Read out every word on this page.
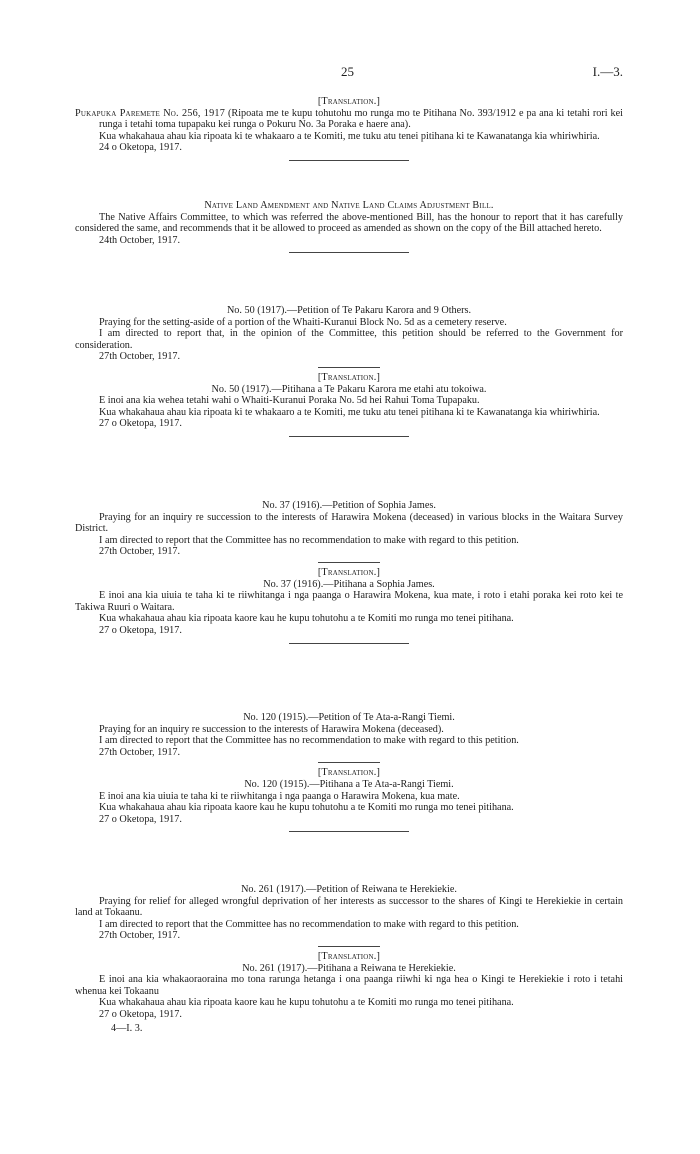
25	I.—3.
[Translation.]

Pukapuka Paremete No. 256, 1917 (Ripoata me te kupu tohutohu mo runga mo te Pitihana No. 393/1912 e pa ana ki tetahi rori kei runga i tetahi toma tupapaku kei runga o Pokuru No. 3a Poraka e haere ana).

Kua whakahaua ahau kia ripoata ki te whakaaro a te Komiti, me tuku atu tenei pitihana ki te Kawanatanga kia whiriwhiria.

24 o Oketopa, 1917.
Native Land Amendment and Native Land Claims Adjustment Bill.

The Native Affairs Committee, to which was referred the above-mentioned Bill, has the honour to report that it has carefully considered the same, and recommends that it be allowed to proceed as amended as shown on the copy of the Bill attached hereto.

24th October, 1917.
No. 50 (1917).—Petition of Te Pakaru Karora and 9 Others.

Praying for the setting-aside of a portion of the Whaiti-Kuranui Block No. 5d as a cemetery reserve.

I am directed to report that, in the opinion of the Committee, this petition should be referred to the Government for consideration.

27th October, 1917.
[Translation.]
No. 50 (1917).—Pitihana a Te Pakaru Karora me etahi atu tokoiwa.

E inoi ana kia wehea tetahi wahi o Whaiti-Kuranui Poraka No. 5d hei Rahui Toma Tupapaku.

Kua whakahaua ahau kia ripoata ki te whakaaro a te Komiti, me tuku atu tenei pitihana ki te Kawanatanga kia whiriwhiria.

27 o Oketopa, 1917.
No. 37 (1916).—Petition of Sophia James.

Praying for an inquiry re succession to the interests of Harawira Mokena (deceased) in various blocks in the Waitara Survey District.

I am directed to report that the Committee has no recommendation to make with regard to this petition.

27th October, 1917.
[Translation.]
No. 37 (1916).—Pitihana a Sophia James.

E inoi ana kia uiuia te taha ki te riiwhitanga i nga paanga o Harawira Mokena, kua mate, i roto i etahi poraka kei roto kei te Takiwa Ruuri o Waitara.

Kua whakahaua ahau kia ripoata kaore kau he kupu tohutohu a te Komiti mo runga mo tenei pitihana.

27 o Oketopa, 1917.
No. 120 (1915).—Petition of Te Ata-a-Rangi Tiemi.

Praying for an inquiry re succession to the interests of Harawira Mokena (deceased).

I am directed to report that the Committee has no recommendation to make with regard to this petition.

27th October, 1917.
[Translation.]
No. 120 (1915).—Pitihana a Te Ata-a-Rangi Tiemi.

E inoi ana kia uiuia te taha ki te riiwhitanga i nga paanga o Harawira Mokena, kua mate.

Kua whakahaua ahau kia ripoata kaore kau he kupu tohutohu a te Komiti mo runga mo tenei pitihana.

27 o Oketopa, 1917.
No. 261 (1917).—Petition of Reiwana te Herekiekie.

Praying for relief for alleged wrongful deprivation of her interests as successor to the shares of Kingi te Herekiekie in certain land at Tokaanu.

I am directed to report that the Committee has no recommendation to make with regard to this petition.

27th October, 1917.
[Translation.]
No. 261 (1917).—Pitihana a Reiwana te Herekiekie.

E inoi ana kia whakaoraoraina mo tona rarunga hetanga i ona paanga riiwhi ki nga hea o Kingi te Herekiekie i roto i tetahi whenua kei Tokaanu

Kua whakahaua ahau kia ripoata kaore kau he kupu tohutohu a te Komiti mo runga mo tenei pitihana.

27 o Oketopa, 1917.
4—I. 3.
